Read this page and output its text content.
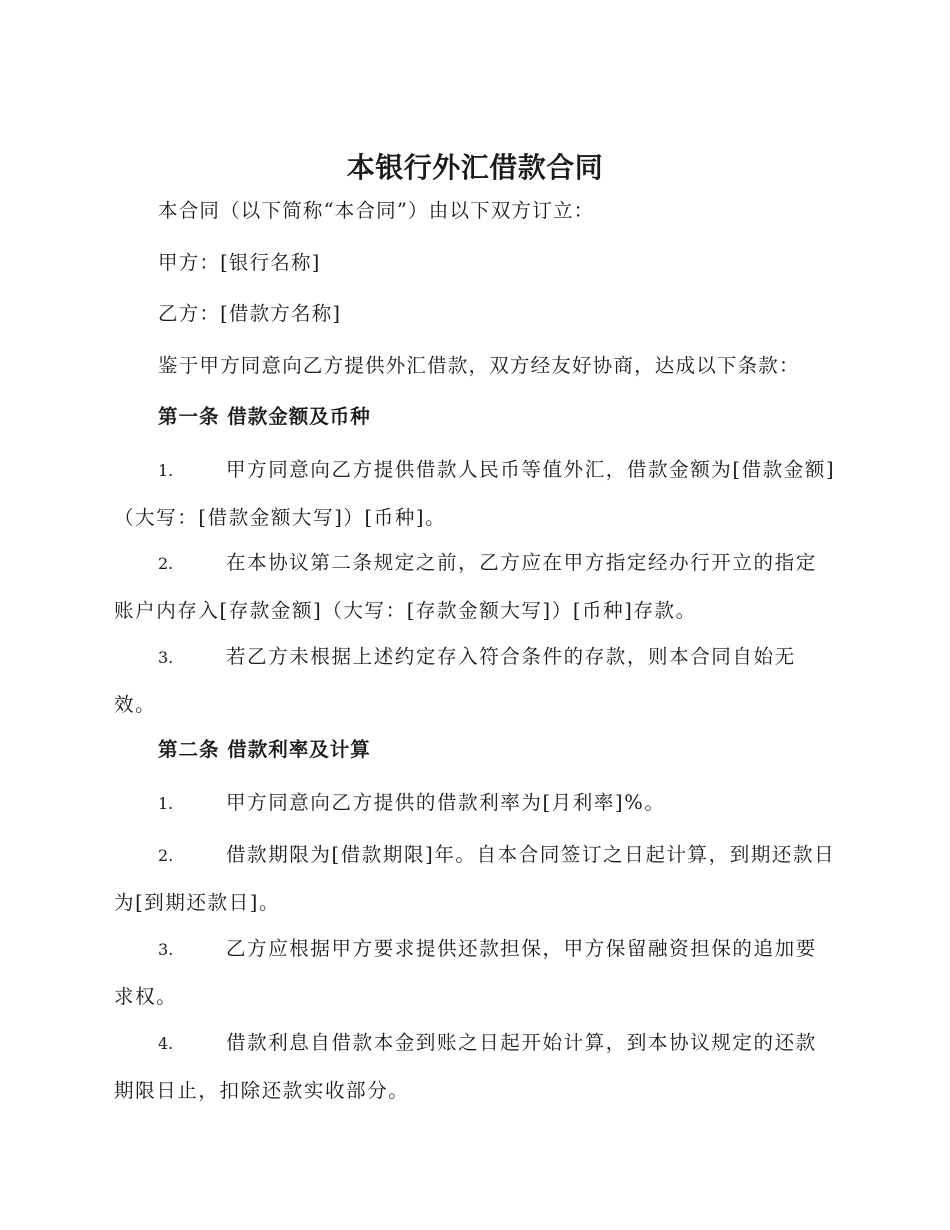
本银行外汇借款合同

本合同（以下简称“本合同”）由以下双方订立：

甲方：[银行名称]

乙方：[借款方名称]

鉴于甲方同意向乙方提供外汇借款，双方经友好协商，达成以下条款：

第一条 借款金额及币种

1.	甲方同意向乙方提供借款人民币等值外汇，借款金额为[借款金额]（大写：[借款金额大写]）[币种]。

2.	在本协议第二条规定之前，乙方应在甲方指定经办行开立的指定账户内存入[存款金额]（大写：[存款金额大写]）[币种]存款。

3.	若乙方未根据上述约定存入符合条件的存款，则本合同自始无效。

第二条 借款利率及计算

1.	甲方同意向乙方提供的借款利率为[月利率]%。

2.	借款期限为[借款期限]年。自本合同签订之日起计算，到期还款日为[到期还款日]。

3.	乙方应根据甲方要求提供还款担保，甲方保留融资担保的追加要求权。

4.	借款利息自借款本金到账之日起开始计算，到本协议规定的还款期限日止，扣除还款实收部分。
